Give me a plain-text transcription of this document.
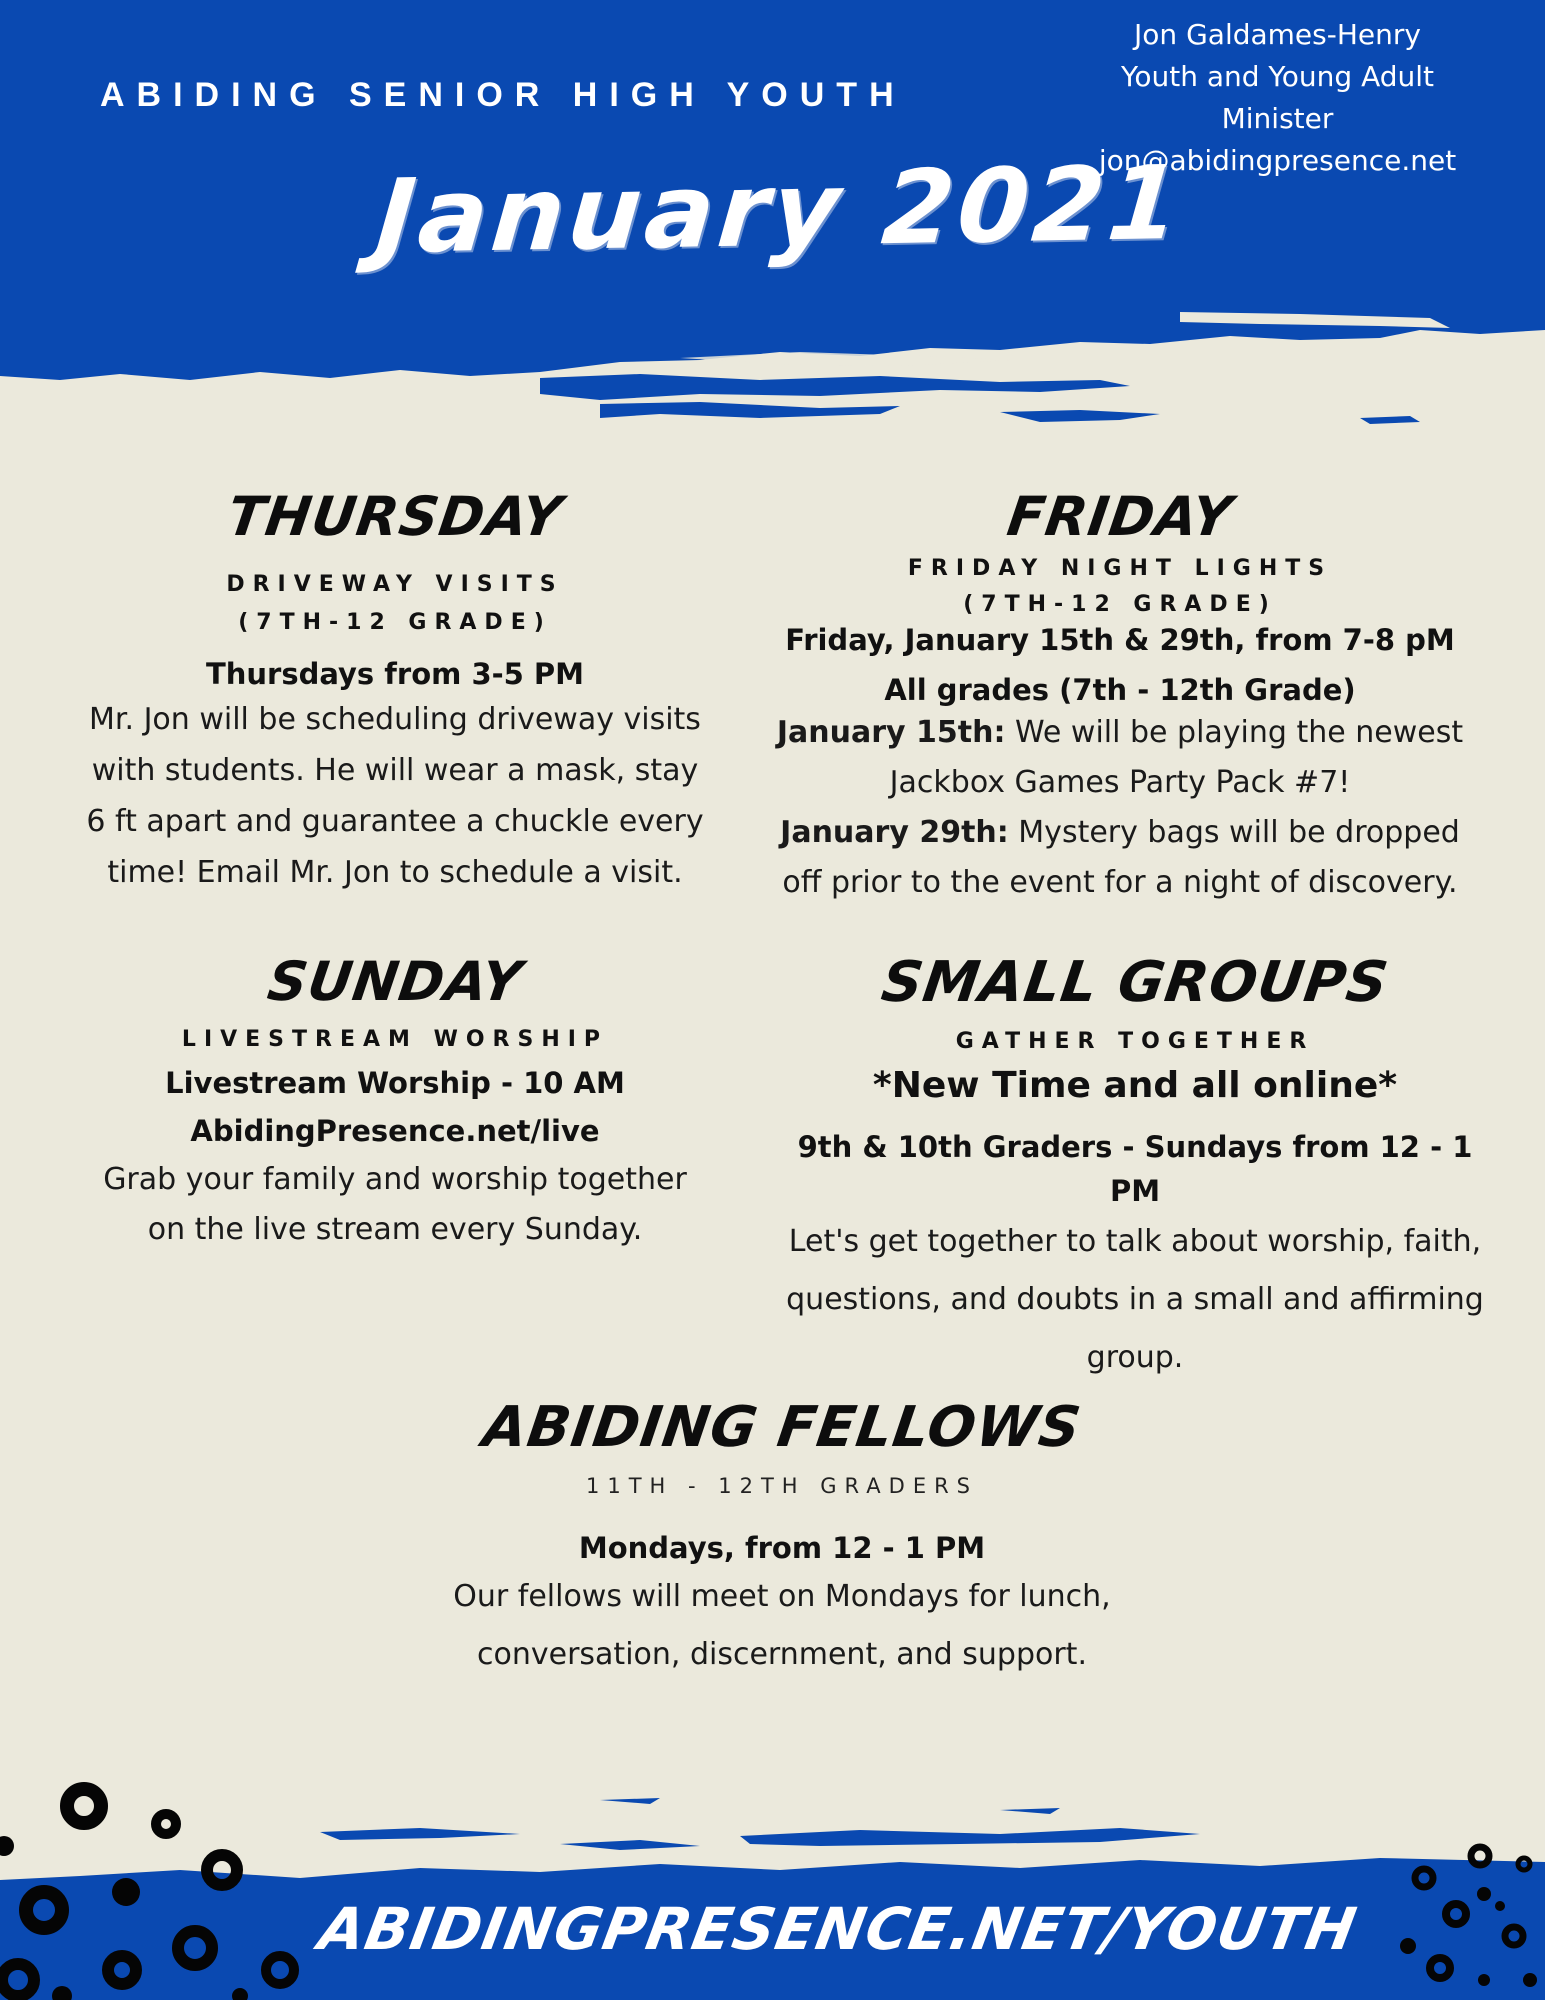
ABIDING SENIOR HIGH YOUTH
Jon Galdames-Henry
Youth and Young Adult
Minister
jon@abidingpresence.net
January 2021
THURSDAY
DRIVEWAY VISITS
(7TH-12 GRADE)
Thursdays from 3-5 PM
Mr. Jon will be scheduling driveway visits
with students. He will wear a mask, stay
6 ft apart and guarantee a chuckle every
time! Email Mr. Jon to schedule a visit.
FRIDAY
FRIDAY NIGHT LIGHTS
(7TH-12 GRADE)
Friday, January 15th & 29th, from 7-8 pM
All grades (7th - 12th Grade)
January 15th: We will be playing the newest
Jackbox Games Party Pack #7!
January 29th: Mystery bags will be dropped
off prior to the event for a night of discovery.
SUNDAY
LIVESTREAM WORSHIP
Livestream Worship - 10 AM
AbidingPresence.net/live
Grab your family and worship together
on the live stream every Sunday.
SMALL GROUPS
GATHER TOGETHER
*New Time and all online*
9th & 10th Graders - Sundays from 12 - 1 PM
Let's get together to talk about worship, faith,
questions, and doubts in a small and affirming
group.
ABIDING FELLOWS
11TH - 12TH GRADERS
Mondays, from 12 - 1 PM
Our fellows will meet on Mondays for lunch,
conversation, discernment, and support.
ABIDINGPRESENCE.NET/YOUTH
